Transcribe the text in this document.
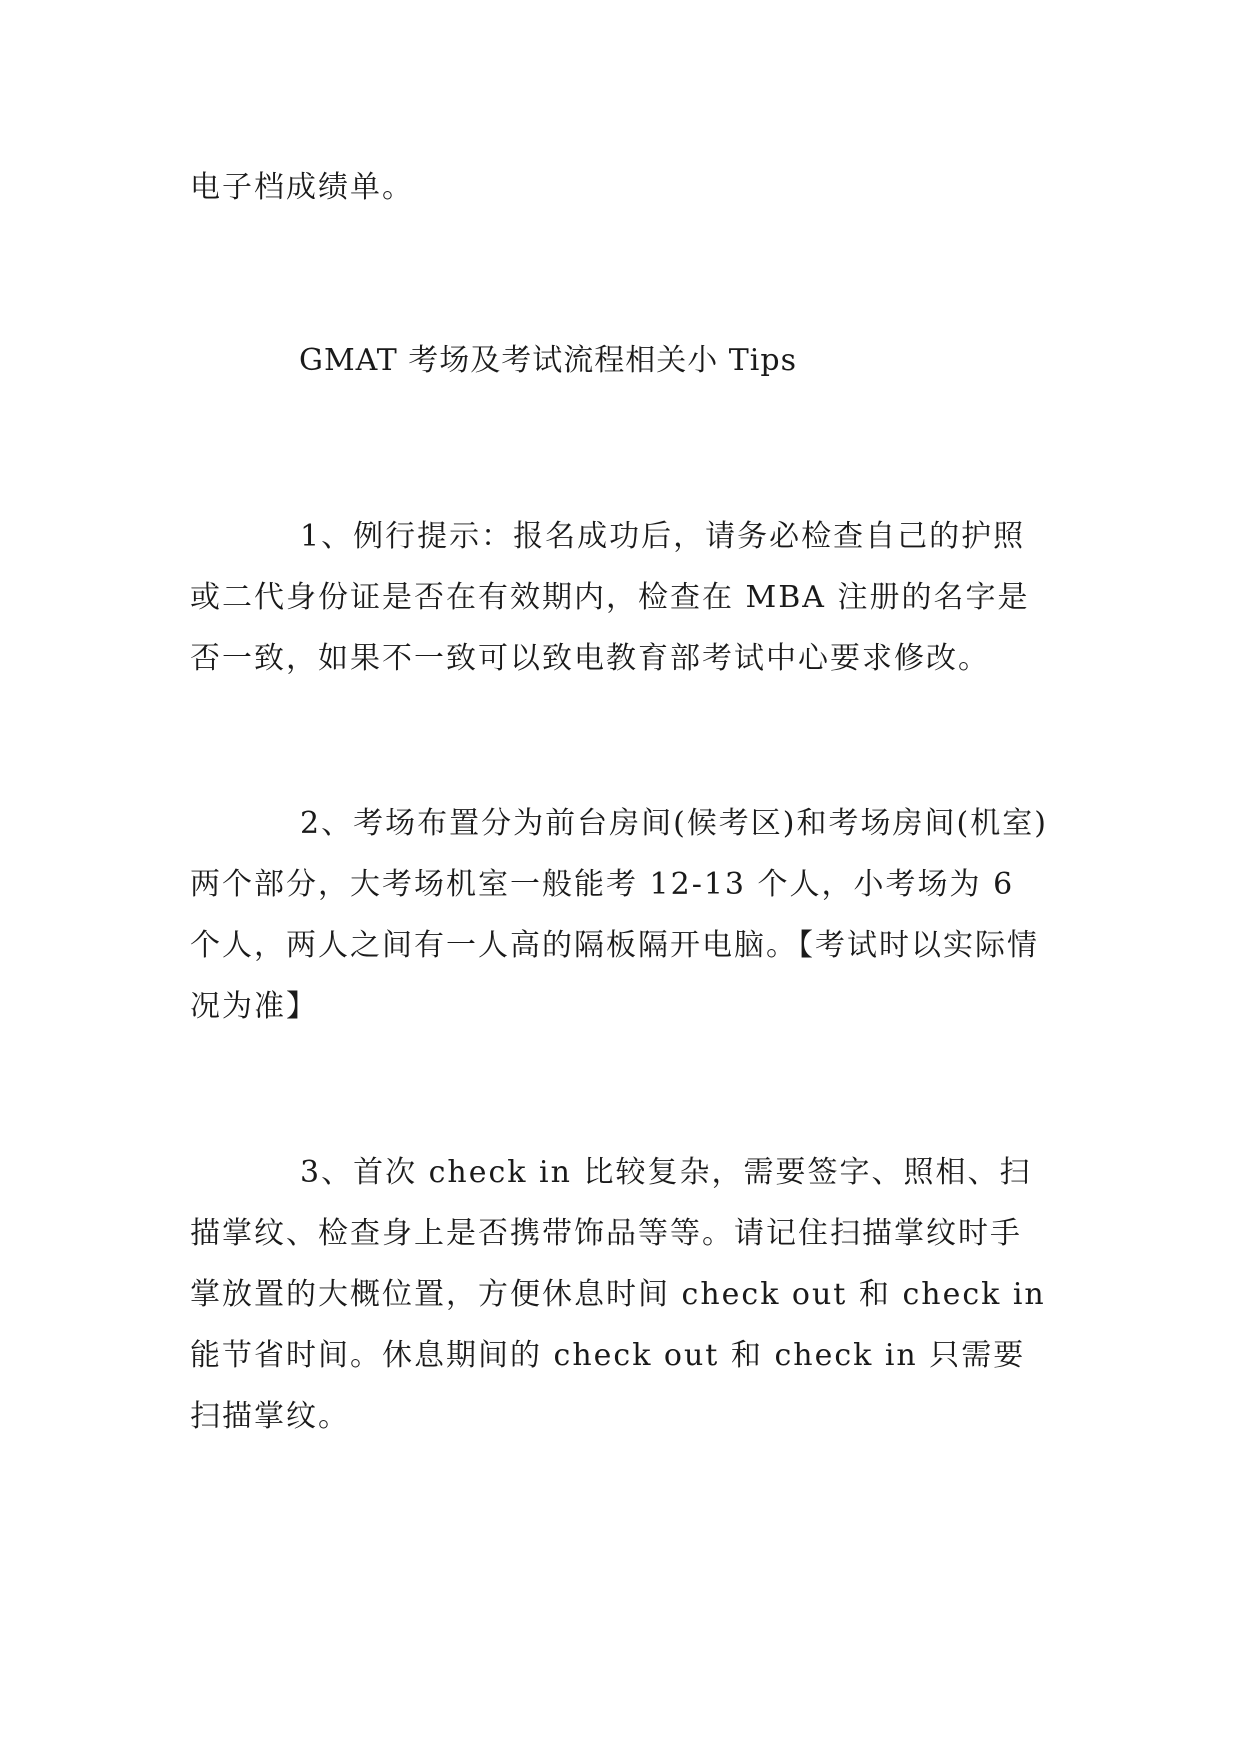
电子档成绩单。
GMAT 考场及考试流程相关小 Tips
1、例行提示：报名成功后，请务必检查自己的护照或二代身份证是否在有效期内，检查在 MBA 注册的名字是否一致，如果不一致可以致电教育部考试中心要求修改。
2、考场布置分为前台房间(候考区)和考场房间(机室)两个部分，大考场机室一般能考 12-13 个人，小考场为 6 个人，两人之间有一人高的隔板隔开电脑。【考试时以实际情况为准】
3、首次 check in 比较复杂，需要签字、照相、扫描掌纹、检查身上是否携带饰品等等。请记住扫描掌纹时手掌放置的大概位置，方便休息时间 check out 和 check in 能节省时间。休息期间的 check out 和 check in 只需要扫描掌纹。
